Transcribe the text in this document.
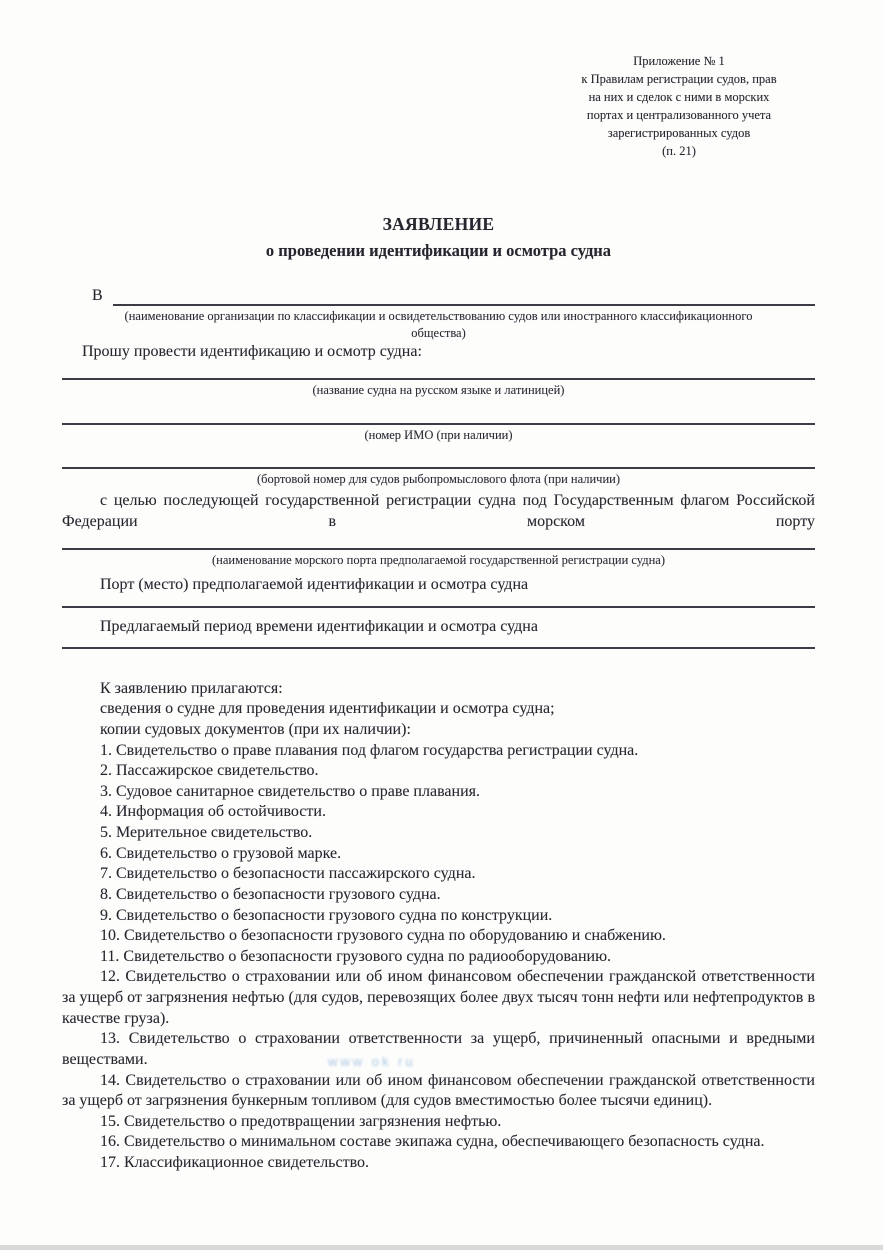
Приложение № 1
к Правилам регистрации судов, прав
на них и сделок с ними в морских
портах и централизованного учета
зарегистрированных судов
(п. 21)
ЗАЯВЛЕНИЕ
о проведении идентификации и осмотра судна
В
(наименование организации по классификации и освидетельствованию судов или иностранного классификационного общества)
Прошу провести идентификацию и осмотр судна:
(название судна на русском языке и латиницей)
(номер ИМО (при наличии)
(бортовой номер для судов рыбопромыслового флота (при наличии)
с целью последующей государственной регистрации судна под Государственным флагом Российской Федерации в морском порту
(наименование морского порта предполагаемой государственной регистрации судна)
Порт (место) предполагаемой идентификации и осмотра судна
Предлагаемый период времени идентификации и осмотра судна
К заявлению прилагаются:
сведения о судне для проведения идентификации и осмотра судна;
копии судовых документов (при их наличии):
1. Свидетельство о праве плавания под флагом государства регистрации судна.
2. Пассажирское свидетельство.
3. Судовое санитарное свидетельство о праве плавания.
4. Информация об остойчивости.
5. Мерительное свидетельство.
6. Свидетельство о грузовой марке.
7. Свидетельство о безопасности пассажирского судна.
8. Свидетельство о безопасности грузового судна.
9. Свидетельство о безопасности грузового судна по конструкции.
10. Свидетельство о безопасности грузового судна по оборудованию и снабжению.
11. Свидетельство о безопасности грузового судна по радиооборудованию.
12. Свидетельство о страховании или об ином финансовом обеспечении гражданской ответственности за ущерб от загрязнения нефтью (для судов, перевозящих более двух тысяч тонн нефти или нефтепродуктов в качестве груза).
13. Свидетельство о страховании ответственности за ущерб, причиненный опасными и вредными веществами.
14. Свидетельство о страховании или об ином финансовом обеспечении гражданской ответственности за ущерб от загрязнения бункерным топливом (для судов вместимостью более тысячи единиц).
15. Свидетельство о предотвращении загрязнения нефтью.
16. Свидетельство о минимальном составе экипажа судна, обеспечивающего безопасность судна.
17. Классификационное свидетельство.
www ok ru
